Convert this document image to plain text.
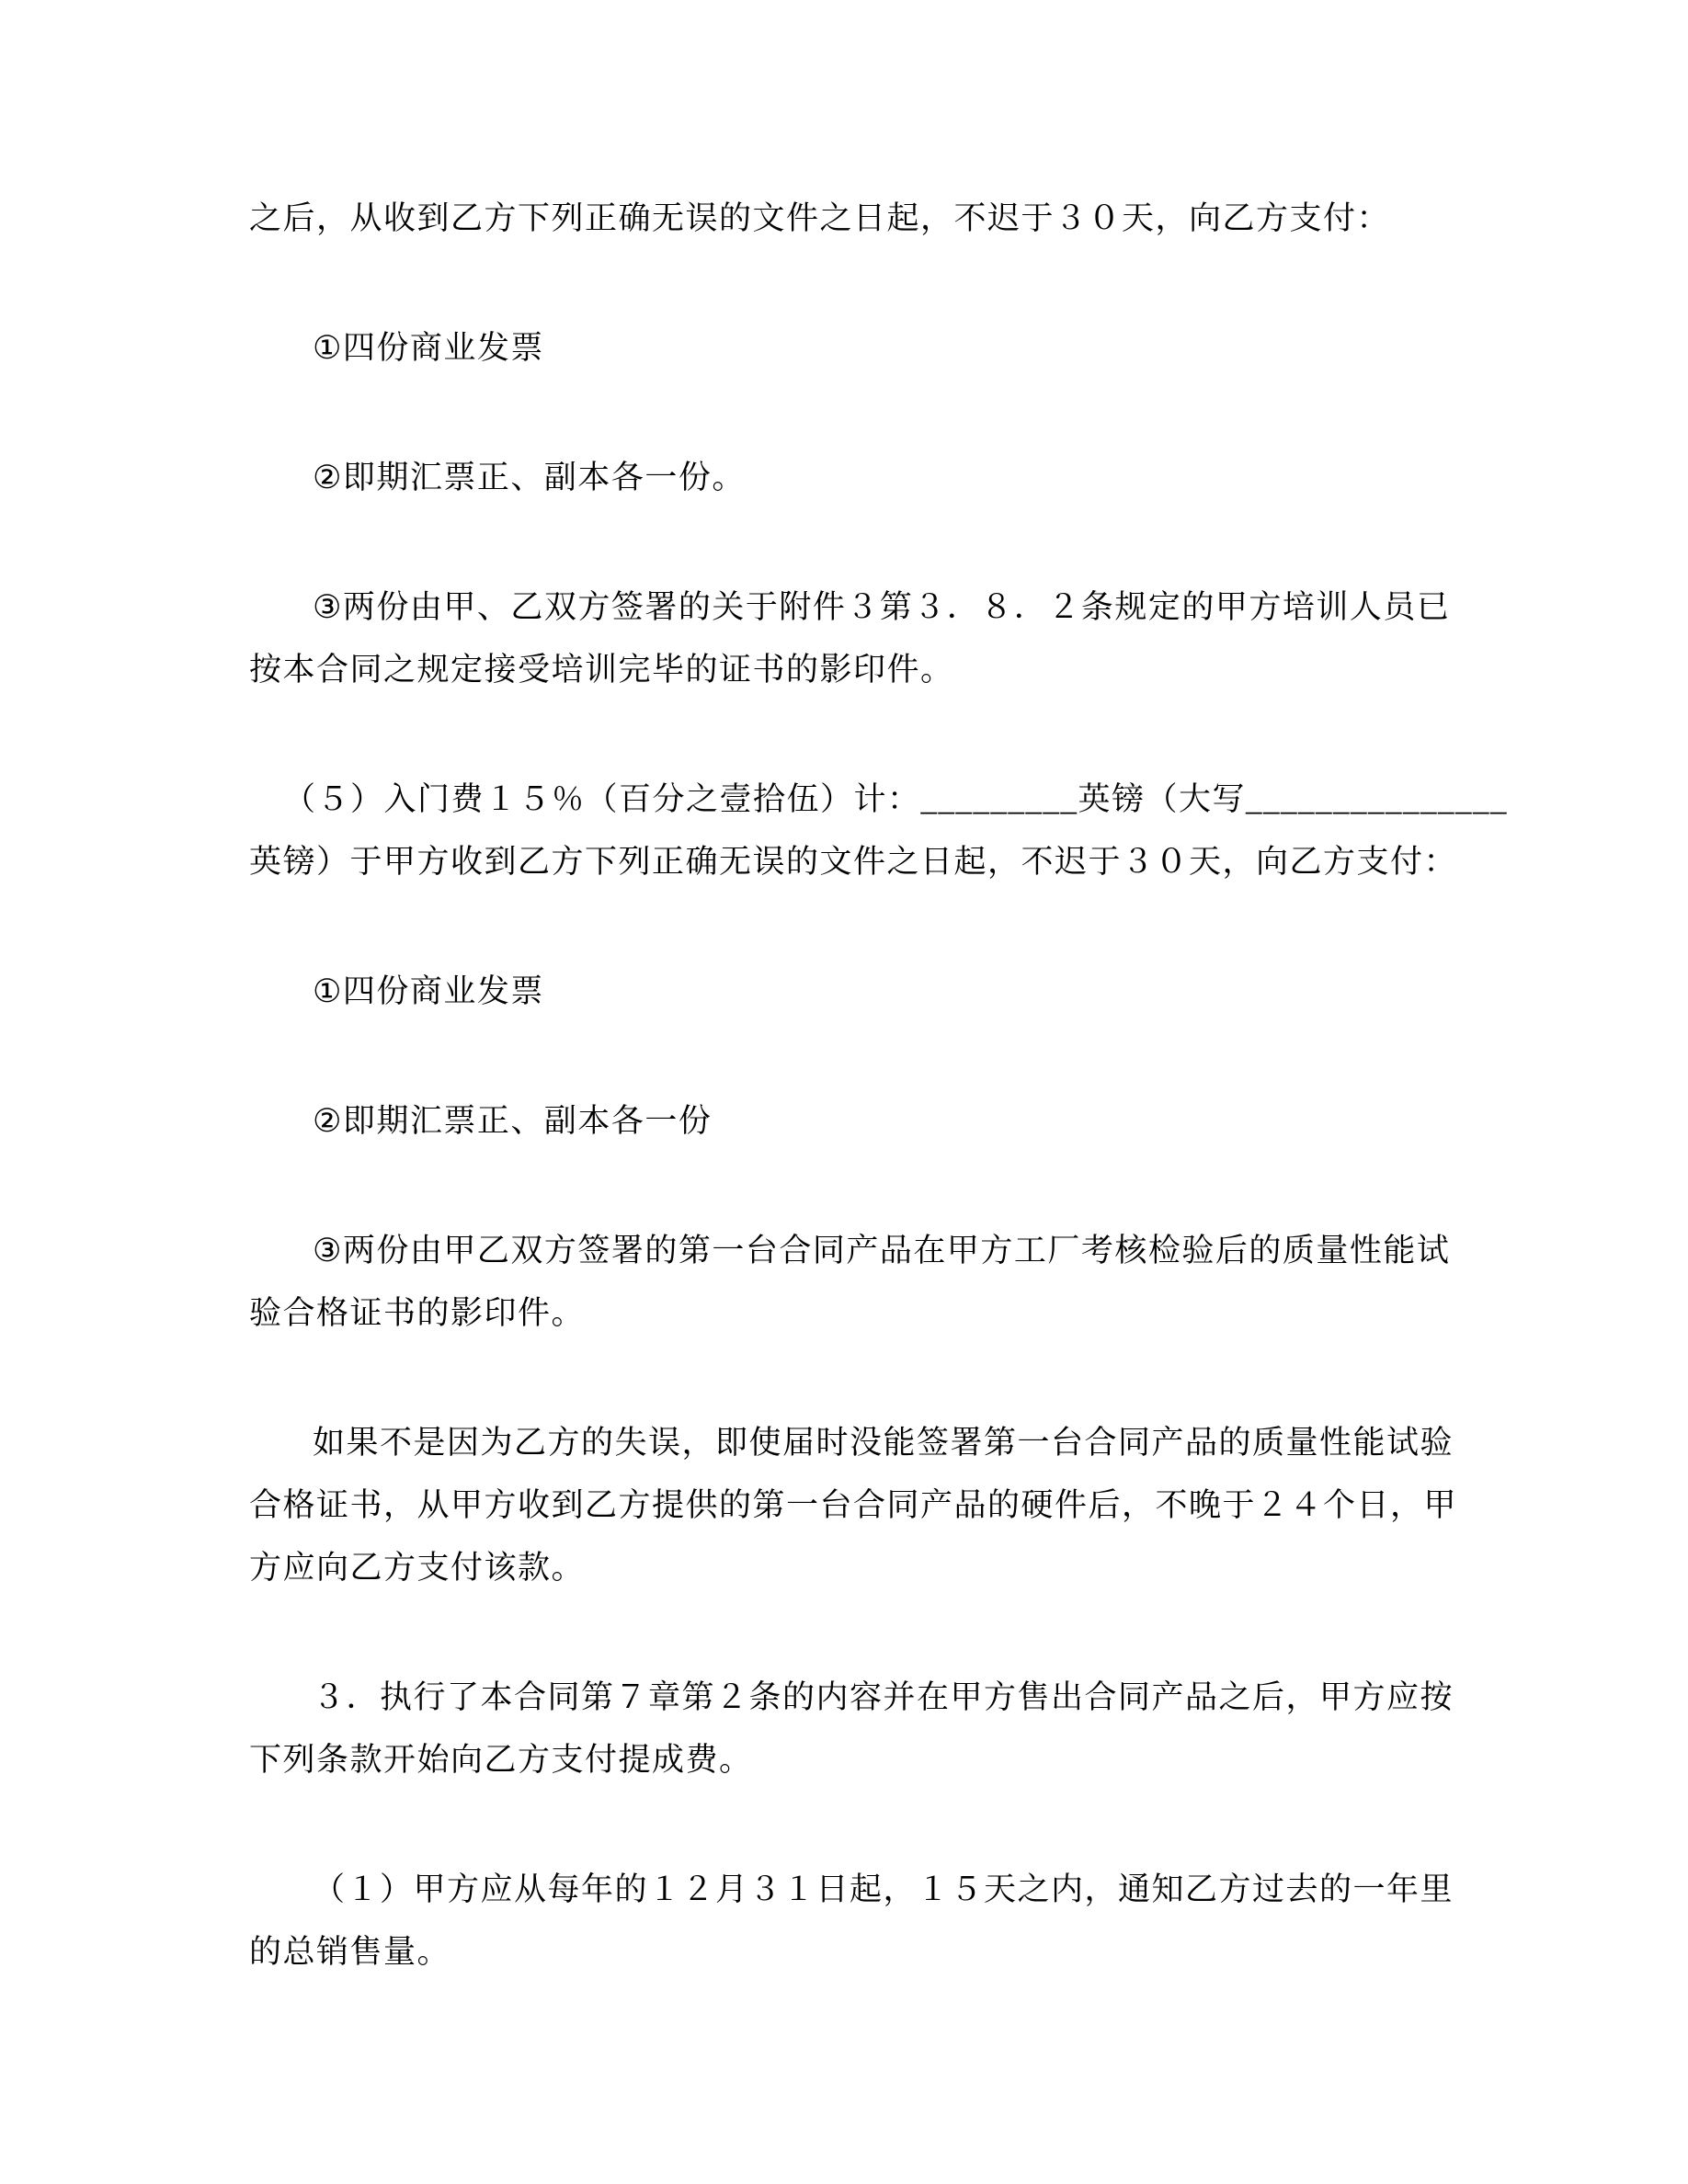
之后，从收到乙方下列正确无误的文件之日起，不迟于３０天，向乙方支付：
①四份商业发票
②即期汇票正、副本各一份。
③两份由甲、乙双方签署的关于附件３第３．８．２条规定的甲方培训人员已
按本合同之规定接受培训完毕的证书的影印件。
（５）入门费１５％（百分之壹拾伍）计：_________英镑（大写_______________
英镑）于甲方收到乙方下列正确无误的文件之日起，不迟于３０天，向乙方支付：
①四份商业发票
②即期汇票正、副本各一份
③两份由甲乙双方签署的第一台合同产品在甲方工厂考核检验后的质量性能试
验合格证书的影印件。
如果不是因为乙方的失误，即使届时没能签署第一台合同产品的质量性能试验
合格证书，从甲方收到乙方提供的第一台合同产品的硬件后，不晚于２４个日，甲
方应向乙方支付该款。
３．执行了本合同第７章第２条的内容并在甲方售出合同产品之后，甲方应按
下列条款开始向乙方支付提成费。
（１）甲方应从每年的１２月３１日起，１５天之内，通知乙方过去的一年里
的总销售量。
